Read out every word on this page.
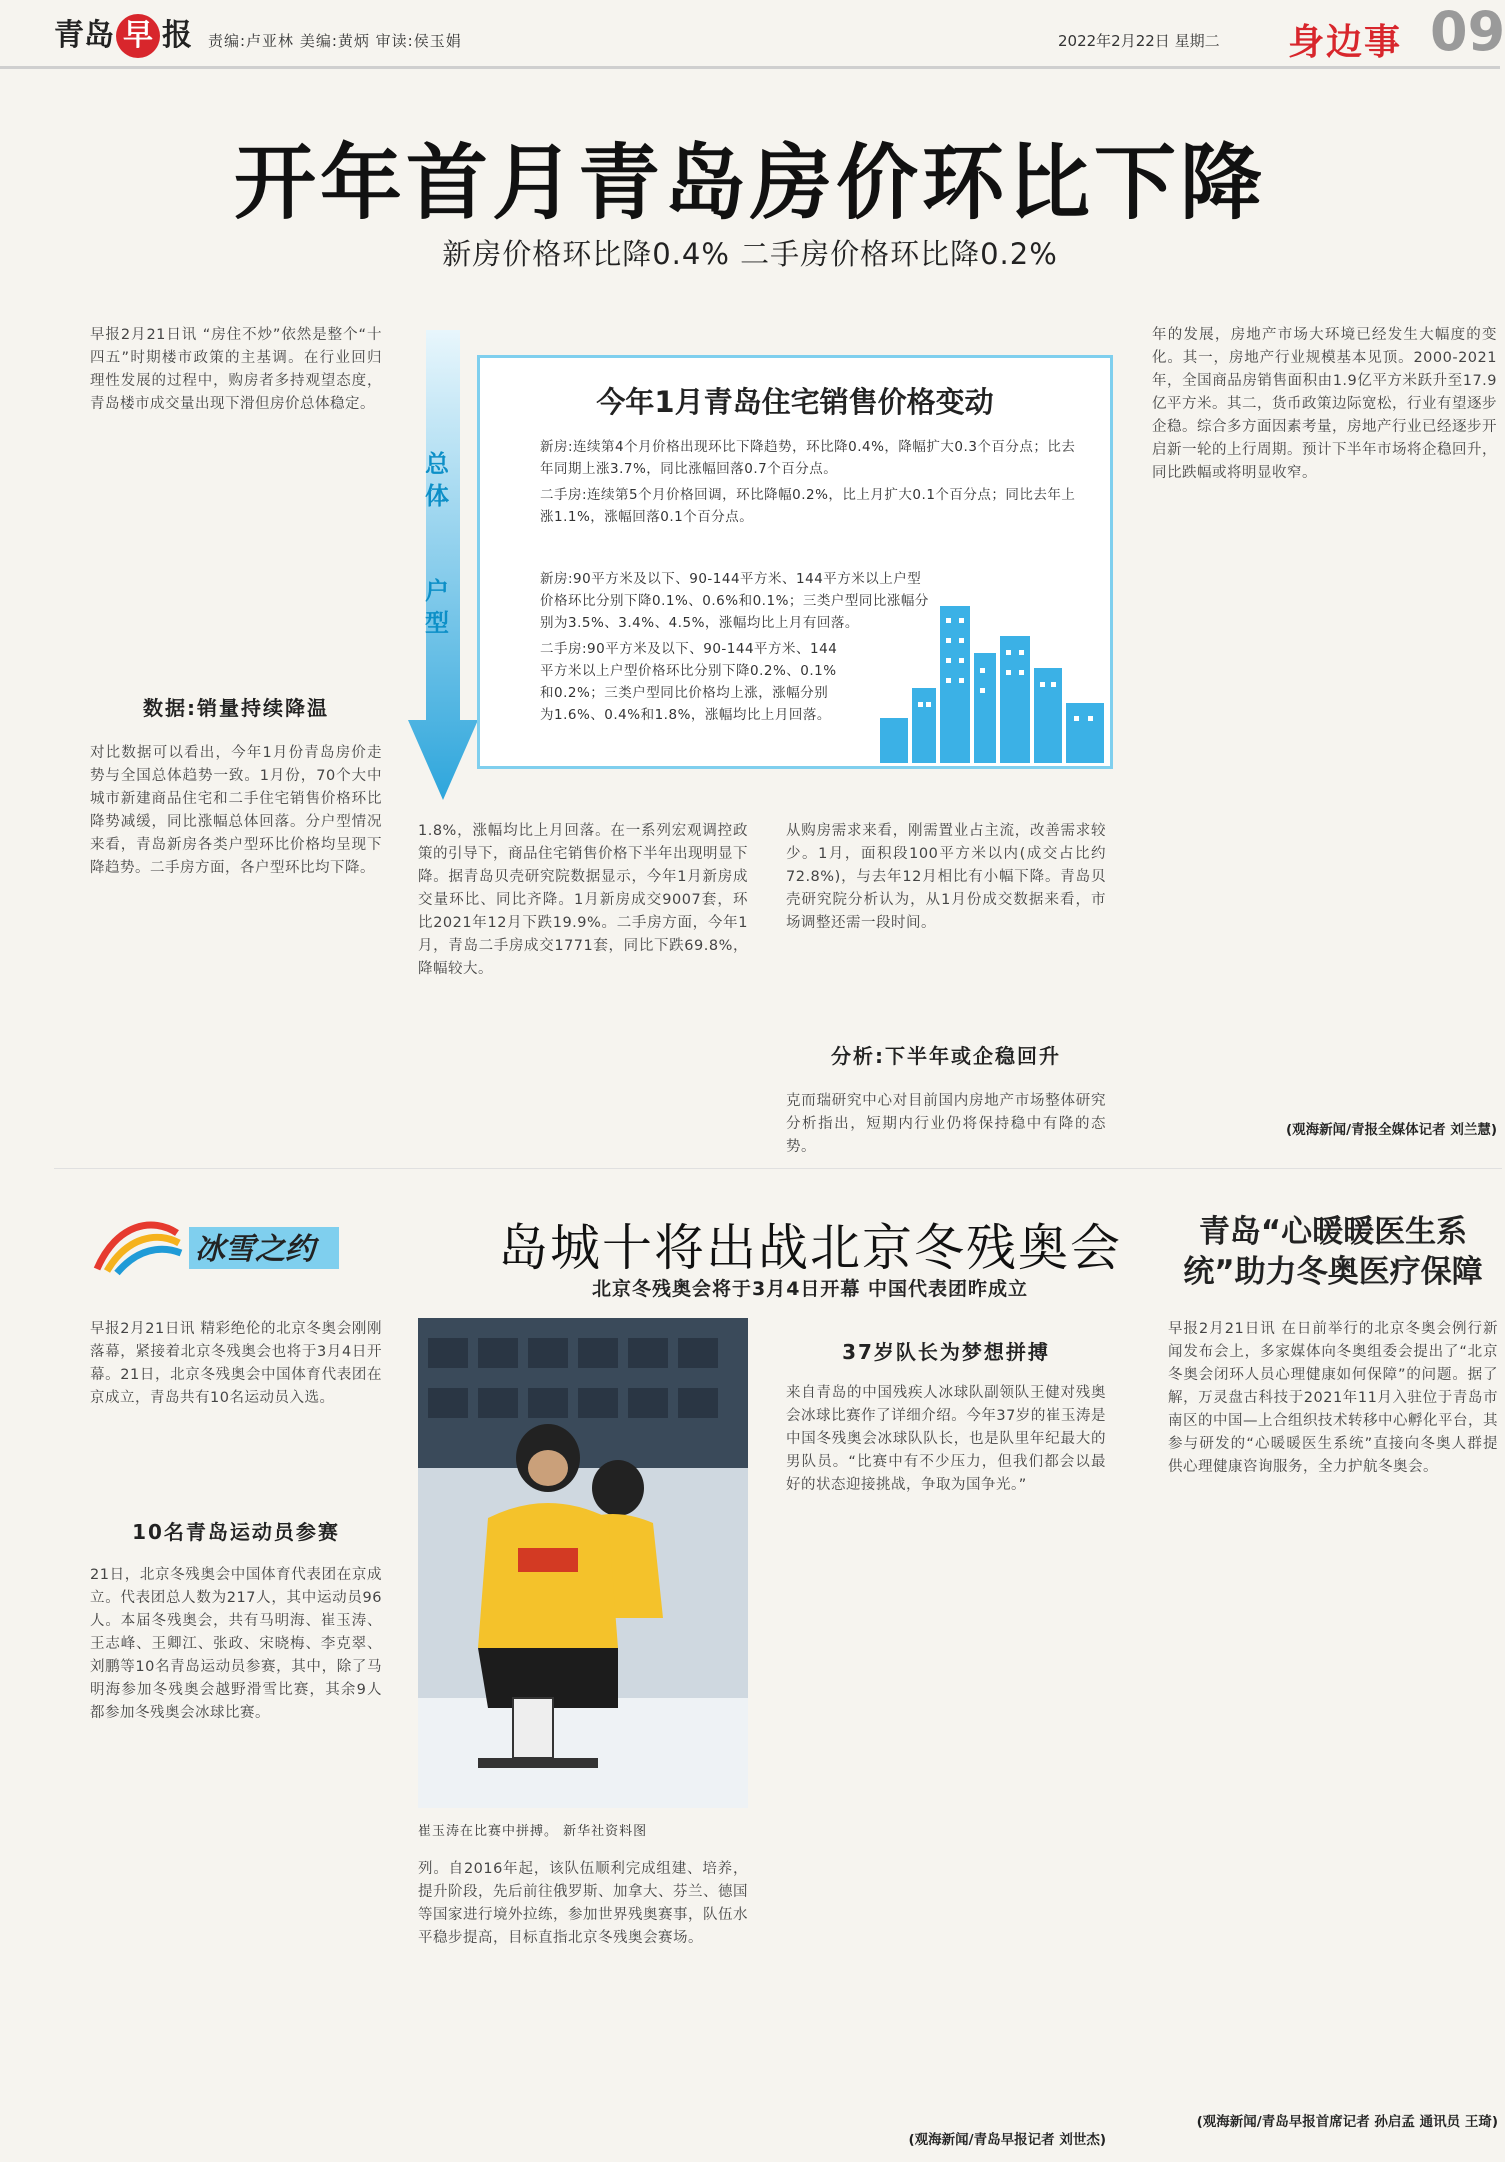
青岛 早 报 责编:卢亚林 美编:黄炳 审读:侯玉娟	2022年2月22日 星期二 身边事 09
开年首月青岛房价环比下降
新房价格环比降0.4% 二手房价格环比降0.2%
早报2月21日讯 “房住不炒”依然是整个“十四五”时期楼市政策的主基调。在行业回归理性发展的过程中，购房者多持观望态度，青岛楼市成交量出现下滑但房价总体稳定。
数据:销量持续降温
对比数据可以看出，今年1月份青岛房价走势与全国总体趋势一致。1月份，70个大中城市新建商品住宅和二手住宅销售价格环比降势减缓，同比涨幅总体回落。分户型情况来看，青岛新房各类户型环比价格均呈现下降趋势。二手房方面，各户型环比均下降。
总体
户型
今年1月青岛住宅销售价格变动
新房:连续第4个月价格出现环比下降趋势，环比降0.4%，降幅扩大0.3个百分点；比去年同期上涨3.7%，同比涨幅回落0.7个百分点。
二手房:连续第5个月价格回调，环比降幅0.2%，比上月扩大0.1个百分点；同比去年上涨1.1%，涨幅回落0.1个百分点。
新房:90平方米及以下、90-144平方米、144平方米以上户型价格环比分别下降0.1%、0.6%和0.1%；三类户型同比涨幅分别为3.5%、3.4%、4.5%，涨幅均比上月有回落。
二手房:90平方米及以下、90-144平方米、144平方米以上户型价格环比分别下降0.2%、0.1%和0.2%；三类户型同比价格均上涨，涨幅分别为1.6%、0.4%和1.8%，涨幅均比上月回落。
1.8%，涨幅均比上月回落。在一系列宏观调控政策的引导下，商品住宅销售价格下半年出现明显下降。据青岛贝壳研究院数据显示，今年1月新房成交量环比、同比齐降。1月新房成交9007套，环比2021年12月下跌19.9%。二手房方面，今年1月，青岛二手房成交1771套，同比下跌69.8%，降幅较大。
从购房需求来看，刚需置业占主流，改善需求较少。1月，面积段100平方米以内(成交占比约72.8%)，与去年12月相比有小幅下降。青岛贝壳研究院分析认为，从1月份成交数据来看，市场调整还需一段时间。
分析:下半年或企稳回升
克而瑞研究中心对目前国内房地产市场整体研究分析指出，短期内行业仍将保持稳中有降的态势。
年的发展，房地产市场大环境已经发生大幅度的变化。其一，房地产行业规模基本见顶。2000-2021年，全国商品房销售面积由1.9亿平方米跃升至17.9亿平方米。其二，货币政策边际宽松，行业有望逐步企稳。综合多方面因素考量，房地产行业已经逐步开启新一轮的上行周期。预计下半年市场将企稳回升，同比跌幅或将明显收窄。
(观海新闻/青报全媒体记者 刘兰慧)
冰雪之约	岛城十将出战北京冬残奥会
北京冬残奥会将于3月4日开幕 中国代表团昨成立
早报2月21日讯 精彩绝伦的北京冬奥会刚刚落幕，紧接着北京冬残奥会也将于3月4日开幕。21日，北京冬残奥会中国体育代表团在京成立，青岛共有10名运动员入选。
10名青岛运动员参赛
21日，北京冬残奥会中国体育代表团在京成立。代表团总人数为217人，其中运动员96人。本届冬残奥会，共有马明海、崔玉涛、王志峰、王卿江、张政、宋晓梅、李克翠、刘鹏等10名青岛运动员参赛，其中，除了马明海参加冬残奥会越野滑雪比赛，其余9人都参加冬残奥会冰球比赛。
崔玉涛在比赛中拼搏。 新华社资料图
列。自2016年起，该队伍顺利完成组建、培养，提升阶段，先后前往俄罗斯、加拿大、芬兰、德国等国家进行境外拉练，参加世界残奥赛事，队伍水平稳步提高，目标直指北京冬残奥会赛场。
37岁队长为梦想拼搏
来自青岛的中国残疾人冰球队副领队王健对残奥会冰球比赛作了详细介绍。今年37岁的崔玉涛是中国冬残奥会冰球队队长，也是队里年纪最大的男队员。“比赛中有不少压力，但我们都会以最好的状态迎接挑战，争取为国争光。”
(观海新闻/青岛早报记者 刘世杰)
青岛“心暖暖医生系统”助力冬奥医疗保障
早报2月21日讯 在日前举行的北京冬奥会例行新闻发布会上，多家媒体向冬奥组委会提出了“北京冬奥会闭环人员心理健康如何保障”的问题。据了解，万灵盘古科技于2021年11月入驻位于青岛市南区的中国—上合组织技术转移中心孵化平台，其参与研发的“心暖暖医生系统”直接向冬奥人群提供心理健康咨询服务，全力护航冬奥会。
(观海新闻/青岛早报首席记者 孙启孟 通讯员 王琦)
